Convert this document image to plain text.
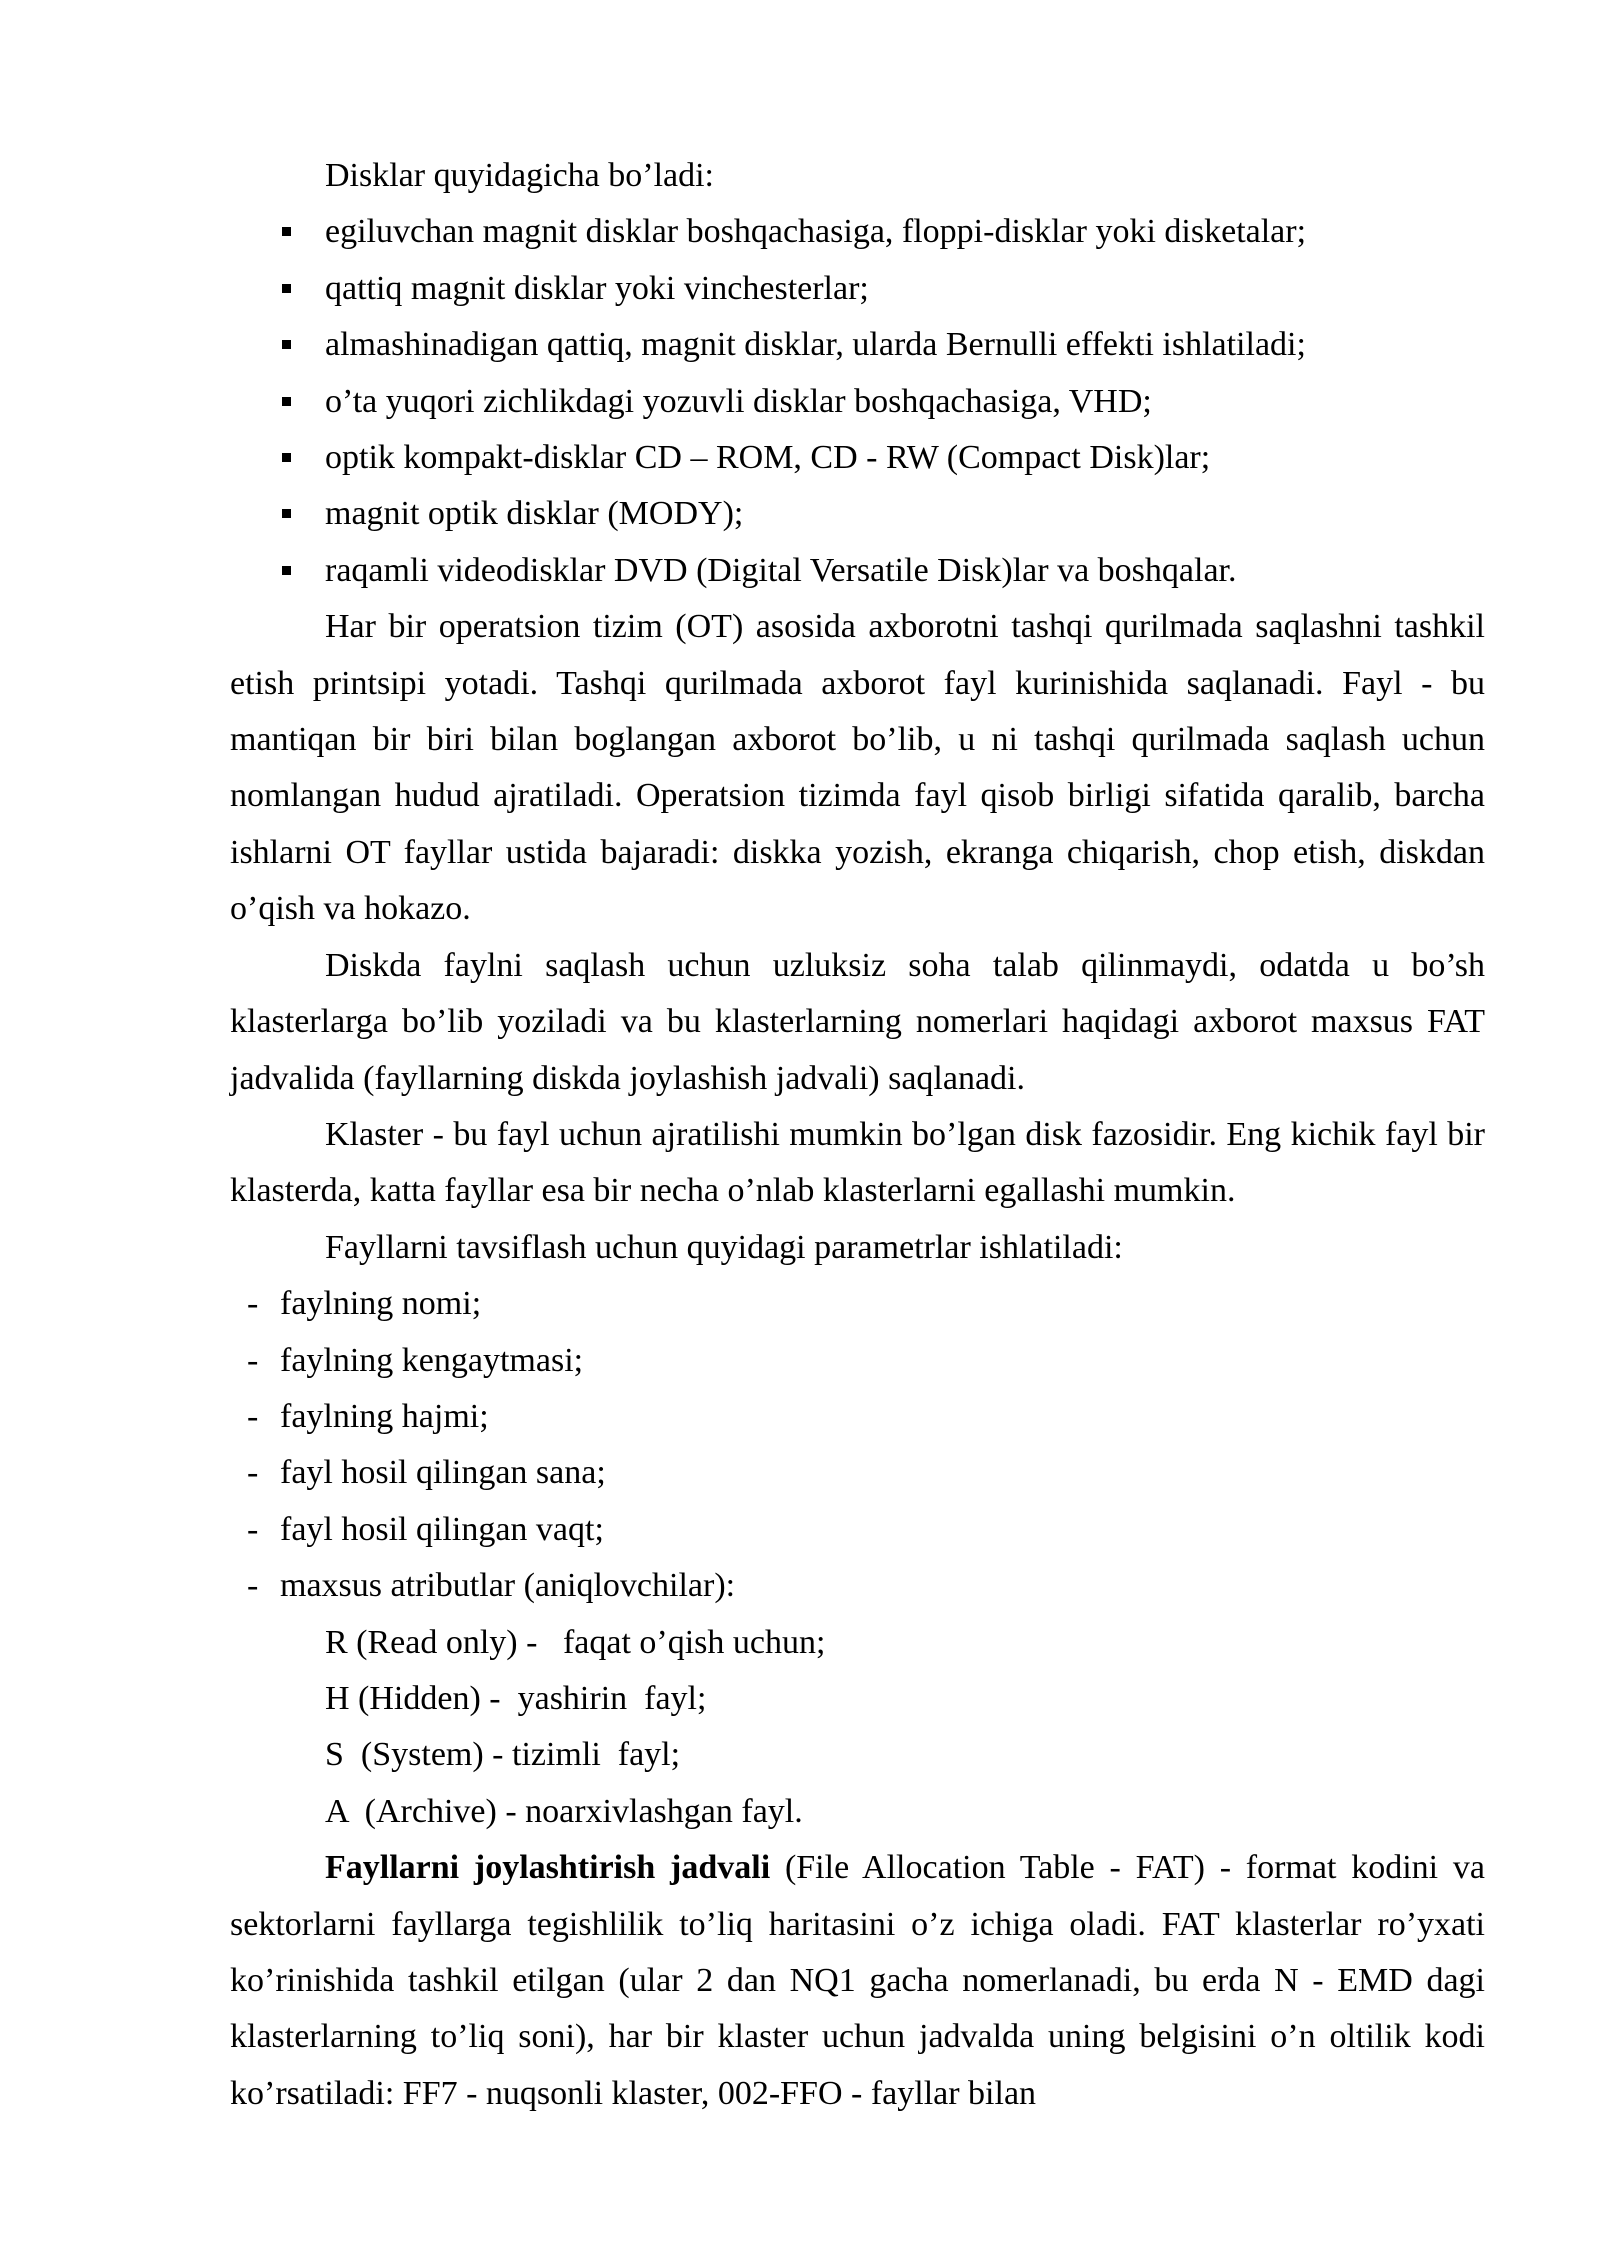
Disklar quyidagicha bo’ladi:

egiluvchan magnit disklar boshqachasiga, floppi-disklar yoki disketalar;
qattiq magnit disklar yoki vinchesterlar;
almashinadigan qattiq, magnit disklar, ularda Bernulli effekti ishlatiladi;
o’ta yuqori zichlikdagi yozuvli disklar boshqachasiga, VHD;
optik kompakt-disklar CD – ROM, CD - RW (Compact Disk)lar;
magnit optik disklar (MODY);
raqamli videodisklar DVD (Digital Versatile Disk)lar va boshqalar.

Har bir operatsion tizim (OT) asosida axborotni tashqi qurilmada saqlashni tashkil etish printsipi yotadi. Tashqi qurilmada axborot fayl kurinishida saqlanadi. Fayl - bu mantiqan bir biri bilan boglangan axborot bo’lib, u ni tashqi qurilmada saqlash uchun nomlangan hudud ajratiladi. Operatsion tizimda fayl qisob birligi sifatida qaralib, barcha ishlarni OT fayllar ustida bajaradi: diskka yozish, ekranga chiqarish, chop etish, diskdan o’qish va hokazo.

Diskda faylni saqlash uchun uzluksiz soha talab qilinmaydi, odatda u bo’sh klasterlarga bo’lib yoziladi va bu klasterlarning nomerlari haqidagi axborot maxsus FAT jadvalida (fayllarning diskda joylashish jadvali) saqlanadi.

Klaster - bu fayl uchun ajratilishi mumkin bo’lgan disk fazosidir. Eng kichik fayl bir klasterda, katta fayllar esa bir necha o’nlab klasterlarni egallashi mumkin.

Fayllarni tavsiflash uchun quyidagi parametrlar ishlatiladi:

- faylning nomi;
- faylning kengaytmasi;
- faylning hajmi;
- fayl hosil qilingan sana;
- fayl hosil qilingan vaqt;
- maxsus atributlar (aniqlovchilar):

R (Read only) -   faqat o’qish uchun;

H (Hidden) -  yashirin  fayl;

S  (System) - tizimli  fayl;

A  (Archive) - noarxivlashgan fayl.

Fayllarni joylashtirish jadvali (File Allocation Table - FAT) - format kodini va sektorlarni fayllarga tegishlilik to’liq haritasini o’z ichiga oladi. FAT klasterlar ro’yxati ko’rinishida tashkil etilgan (ular 2 dan NQ1 gacha nomerlanadi, bu erda N - EMD dagi klasterlarning to’liq soni), har bir klaster uchun jadvalda uning belgisini o’n oltilik kodi ko’rsatiladi: FF7 - nuqsonli klaster, 002-FFO - fayllar bilan
